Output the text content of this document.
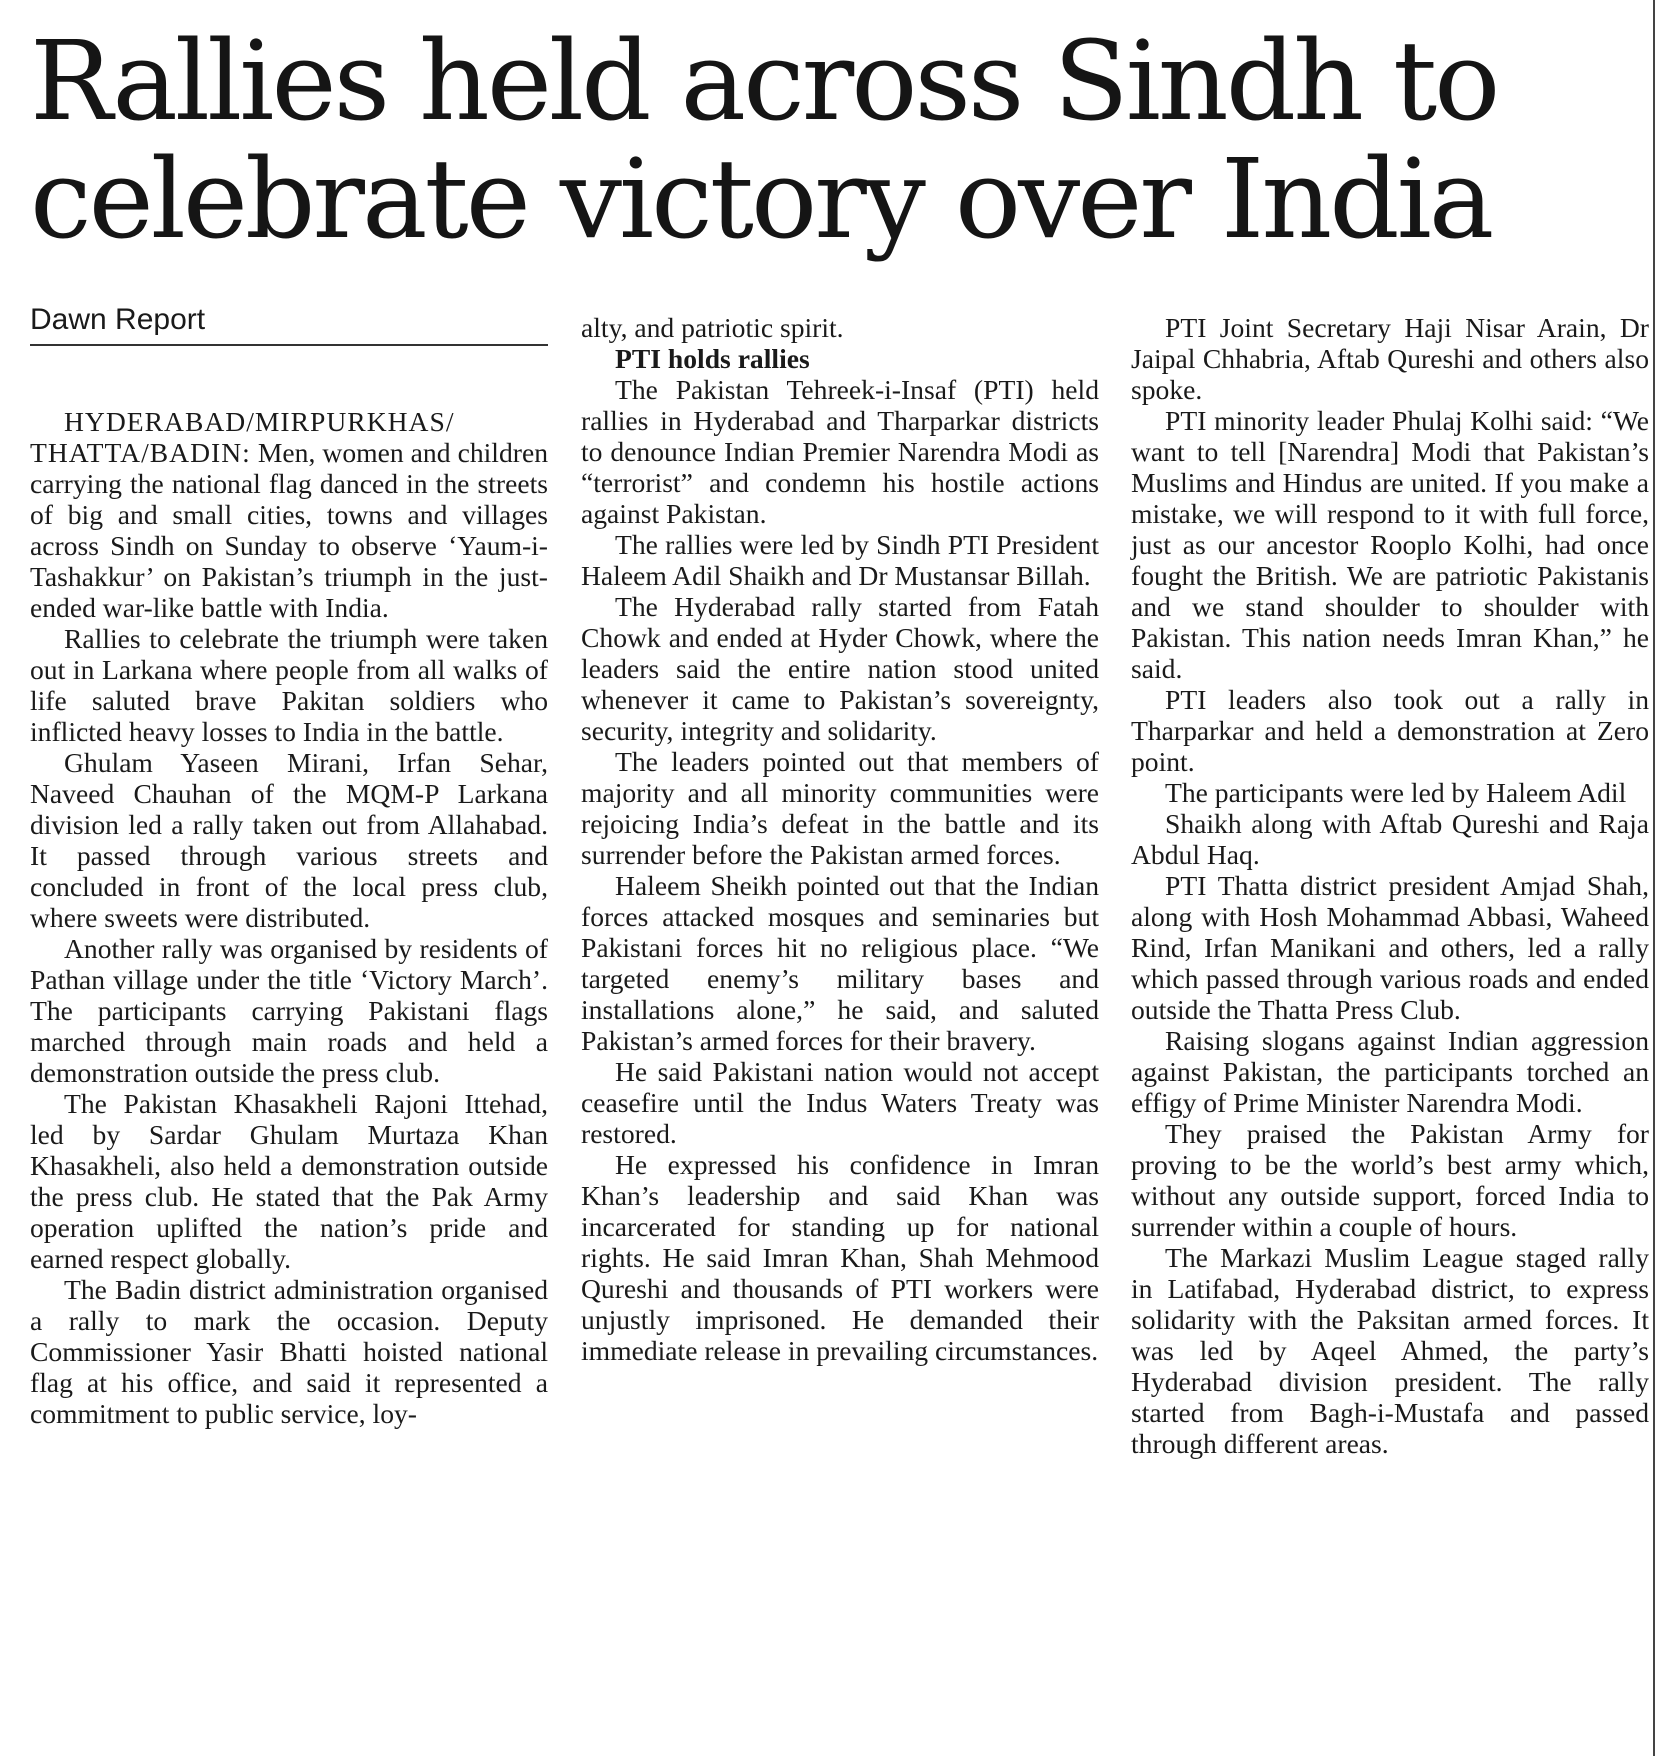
Rallies held across Sindh to celebrate victory over India
Dawn Report

HYDERABAD/MIRPURKHAS/ THATTA/BADIN: Men, women and children carrying the national flag danced in the streets of big and small cities, towns and villages across Sindh on Sunday to observe ‘Yaum-i-Tashakkur’ on Pakistan’s triumph in the just-ended war-like battle with India.

Rallies to celebrate the triumph were taken out in Larkana where people from all walks of life saluted brave Pakitan soldiers who inflicted heavy losses to India in the battle.

Ghulam Yaseen Mirani, Irfan Sehar, Naveed Chauhan of the MQM-P Larkana division led a rally taken out from Allahabad. It passed through various streets and concluded in front of the local press club, where sweets were distributed.

Another rally was organised by residents of Pathan village under the title ‘Victory March’. The participants carrying Pakistani flags marched through main roads and held a demonstration outside the press club.

The Pakistan Khasakheli Rajoni Ittehad, led by Sardar Ghulam Murtaza Khan Khasakheli, also held a demonstration outside the press club. He stated that the Pak Army operation uplifted the nation’s pride and earned respect globally.

The Badin district administration organised a rally to mark the occasion. Deputy Commissioner Yasir Bhatti hoisted national flag at his office, and said it represented a commitment to public service, loy-

alty, and patriotic spirit.

PTI holds rallies

The Pakistan Tehreek-i-Insaf (PTI) held rallies in Hyderabad and Tharparkar districts to denounce Indian Premier Narendra Modi as “terrorist” and condemn his hostile actions against Pakistan.

The rallies were led by Sindh PTI President Haleem Adil Shaikh and Dr Mustansar Billah.

The Hyderabad rally started from Fatah Chowk and ended at Hyder Chowk, where the leaders said the entire nation stood united whenever it came to Pakistan’s sovereignty, security, integrity and solidarity.

The leaders pointed out that members of majority and all minority communities were rejoicing India’s defeat in the battle and its surrender before the Pakistan armed forces.

Haleem Sheikh pointed out that the Indian forces attacked mosques and seminaries but Pakistani forces hit no religious place. “We targeted enemy’s military bases and installations alone,” he said, and saluted Pakistan’s armed forces for their bravery.

He said Pakistani nation would not accept ceasefire until the Indus Waters Treaty was restored.

He expressed his confidence in Imran Khan’s leadership and said Khan was incarcerated for standing up for national rights. He said Imran Khan, Shah Mehmood Qureshi and thousands of PTI workers were unjustly imprisoned. He demanded their immediate release in prevailing circumstances.

PTI Joint Secretary Haji Nisar Arain, Dr Jaipal Chhabria, Aftab Qureshi and others also spoke.

PTI minority leader Phulaj Kolhi said: “We want to tell [Narendra] Modi that Pakistan’s Muslims and Hindus are united. If you make a mistake, we will respond to it with full force, just as our ancestor Rooplo Kolhi, had once fought the British. We are patriotic Pakistanis and we stand shoulder to shoulder with Pakistan. This nation needs Imran Khan,” he said.

PTI leaders also took out a rally in Tharparkar and held a demonstration at Zero point.

The participants were led by Haleem Adil

Shaikh along with Aftab Qureshi and Raja Abdul Haq.

PTI Thatta district president Amjad Shah, along with Hosh Mohammad Abbasi, Waheed Rind, Irfan Manikani and others, led a rally which passed through various roads and ended outside the Thatta Press Club.

Raising slogans against Indian aggression against Pakistan, the participants torched an effigy of Prime Minister Narendra Modi.

They praised the Pakistan Army for proving to be the world’s best army which, without any outside support, forced India to surrender within a couple of hours.

The Markazi Muslim League staged rally in Latifabad, Hyderabad district, to express solidarity with the Paksitan armed forces. It was led by Aqeel Ahmed, the party’s Hyderabad division president. The rally started from Bagh-i-Mustafa and passed through different areas.
